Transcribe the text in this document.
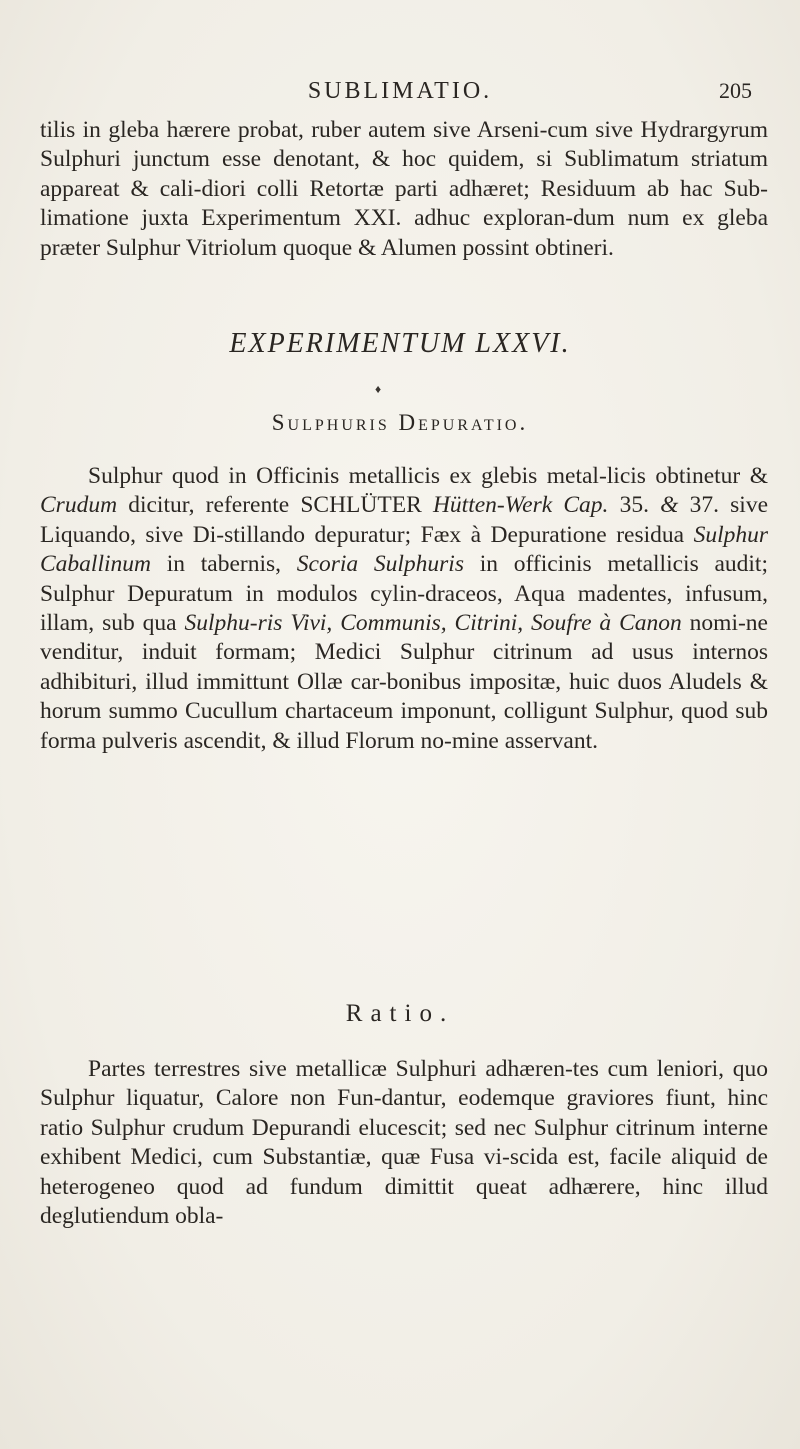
SUBLIMATIO.	205

tilis in gleba hærere probat, ruber autem sive Arseni-cum sive Hydrargyrum Sulphuri junctum esse denotant, & hoc quidem, si Sublimatum striatum appareat & cali-diori colli Retortæ parti adhæret; Residuum ab hac Sub-limatione juxta Experimentum XXI. adhuc exploran-dum num ex gleba præter Sulphur Vitriolum quoque & Alumen possint obtineri.

EXPERIMENTUM LXXVI.
♦
Sulphuris Depuratio.

Sulphur quod in Officinis metallicis ex glebis metal-licis obtinetur & Crudum dicitur, referente SCHLÜTER Hütten-Werk Cap. 35. & 37. sive Liquando, sive Di-stillando depuratur; Fæx à Depuratione residua Sulphur Caballinum in tabernis, Scoria Sulphuris in officinis metallicis audit; Sulphur Depuratum in modulos cylin-draceos, Aqua madentes, infusum, illam, sub qua Sulphu-ris Vivi, Communis, Citrini, Soufre à Canon nomi-ne venditur, induit formam; Medici Sulphur citrinum ad usus internos adhibituri, illud immittunt Ollæ car-bonibus impositæ, huic duos Aludels & horum summo Cucullum chartaceum imponunt, colligunt Sulphur, quod sub forma pulveris ascendit, & illud Florum no-mine asservant.

Ratio.

Partes terrestres sive metallicæ Sulphuri adhæren-tes cum leniori, quo Sulphur liquatur, Calore non Fun-dantur, eodemque graviores fiunt, hinc ratio Sulphur crudum Depurandi elucescit; sed nec Sulphur citrinum interne exhibent Medici, cum Substantiæ, quæ Fusa vi-scida est, facile aliquid de heterogeneo quod ad fundum dimittit queat adhærere, hinc illud deglutiendum obla-
